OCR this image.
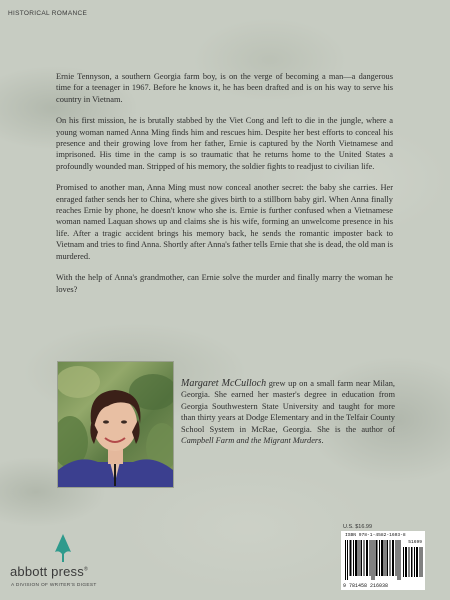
HISTORICAL ROMANCE

Ernie Tennyson, a southern Georgia farm boy, is on the verge of becoming a man—a dangerous time for a teenager in 1967. Before he knows it, he has been drafted and is on his way to serve his country in Vietnam.

On his first mission, he is brutally stabbed by the Viet Cong and left to die in the jungle, where a young woman named Anna Ming finds him and rescues him. Despite her best efforts to conceal his presence and their growing love from her father, Ernie is captured by the North Vietnamese and imprisoned. His time in the camp is so traumatic that he returns home to the United States a profoundly wounded man. Stripped of his memory, the soldier fights to readjust to civilian life.

Promised to another man, Anna Ming must now conceal another secret: the baby she carries. Her enraged father sends her to China, where she gives birth to a stillborn baby girl. When Anna finally reaches Ernie by phone, he doesn't know who she is. Ernie is further confused when a Vietnamese woman named Laquan shows up and claims she is his wife, forming an unwelcome presence in his life. After a tragic accident brings his memory back, he sends the romantic imposter back to Vietnam and tries to find Anna. Shortly after Anna's father tells Ernie that she is dead, the old man is murdered.

With the help of Anna's grandmother, can Ernie solve the murder and finally marry the woman he loves?

Margaret McCulloch grew up on a small farm near Milan, Georgia. She earned her master's degree in education from Georgia Southwestern State University and taught for more than thirty years at Dodge Elementary and in the Telfair County School System in McRae, Georgia. She is the author of Campbell Farm and the Migrant Murders.
U.S. $16.99
ISBN 978-1-4582-1603-8
51699
9 781458 216038
abbott press®
A DIVISION OF WRITER'S DIGEST
